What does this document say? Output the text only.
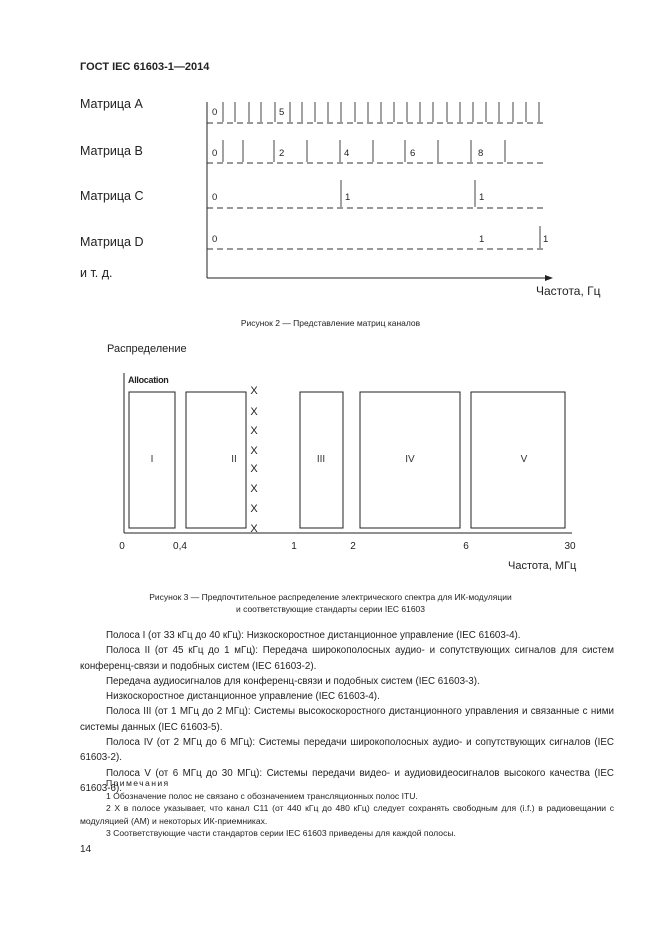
ГОСТ IEC 61603-1—2014
Матрица A
Матрица B
Матрица C
Матрица D
и т. д.
0	5
0	2	4	6	8
0	1	1
0	1	1
Частота, Гц
Рисунок 2 — Представление матриц каналов
Распределение
Allocation
I	II	III	IV	V
X
X
X
X
X
X
X
X
0	0,4	1	2	6	30
Частота, МГц
Рисунок 3 — Предпочтительное распределение электрического спектра для ИК-модуляции
и соответствующие стандарты серии IEC 61603

Полоса I (от 33 кГц до 40 кГц): Низкоскоростное дистанционное управление (IEC 61603-4).

Полоса II (от 45 кГц до 1 мГц): Передача широкополосных аудио- и сопутствующих сигналов для систем конференц-связи и подобных систем (IEC 61603-2).

Передача аудиосигналов для конференц-связи и подобных систем (IEC 61603-3).

Низкоскоростное дистанционное управление (IEC 61603-4).

Полоса III (от 1 МГц до 2 МГц): Системы высокоскоростного дистанционного управления и связанные с ними системы данных (IEC 61603-5).

Полоса IV (от 2 МГц до 6 МГц): Системы передачи широкополосных аудио- и сопутствующих сигналов (IEC 61603-2).

Полоса V (от 6 МГц до 30 МГц): Системы передачи видео- и аудиовидеосигналов высокого качества (IEC 61603-6).

Примечания

1 Обозначение полос не связано с обозначением трансляционных полос ITU.

2 X в полосе указывает, что канал C11 (от 440 кГц до 480 кГц) следует сохранять свободным для (i.f.) в радиовещании с модуляцией (АМ) и некоторых ИК-приемниках.

3 Соответствующие части стандартов серии IEC 61603 приведены для каждой полосы.

14
